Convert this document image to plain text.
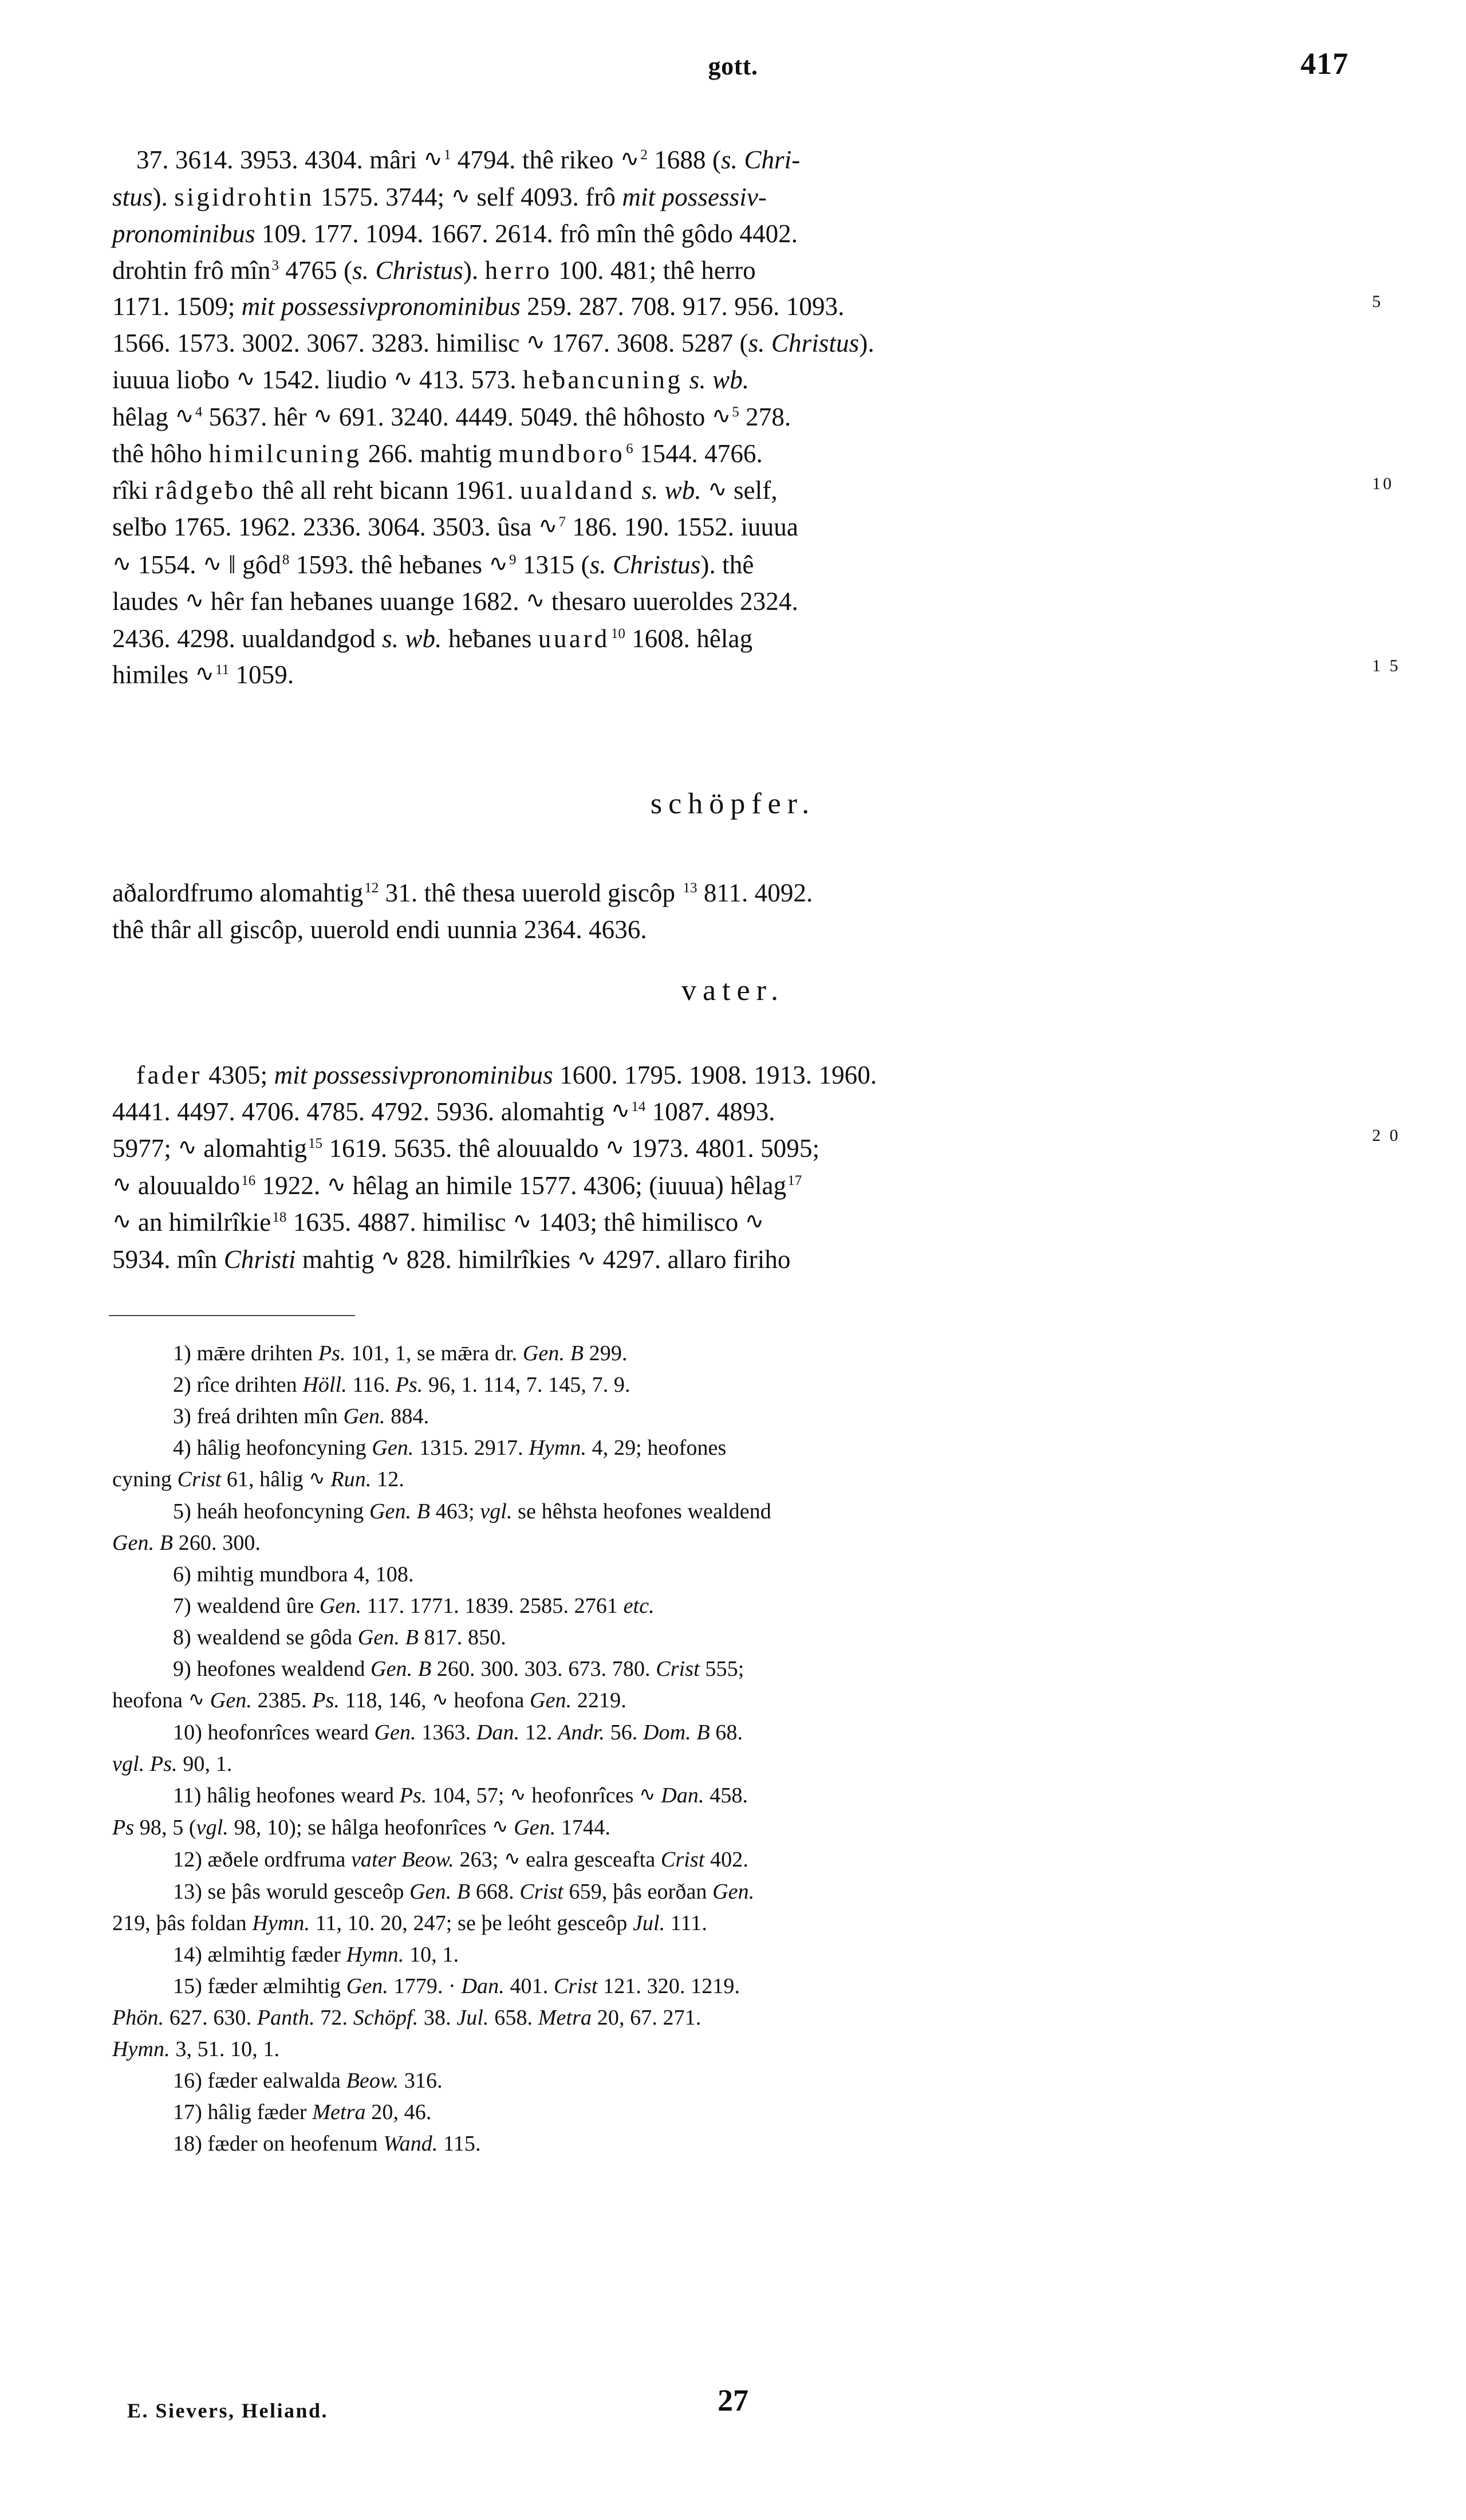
gott.	417
37. 3614. 3953. 4304. mâri ∿$^1$ 4794. thê rikeo ∿$^2$ 1688 (s. Chri-
stus). sigidrohtin 1575. 3744; ∿ self 4093. frô mit possessiv-
pronominibus 109. 177. 1094. 1667. 2614. frô mîn thê gôdo 4402.
drohtin frô mîn$^3$ 4765 (s. Christus). herro 100. 481; thê herro
1171. 1509; mit possessivpronominibus 259. 287. 708. 917. 956. 1093.
1566. 1573. 3002. 3067. 3283. himilisc ∿ 1767. 3608. 5287 (s. Christus).
iuuua lioƀo ∿ 1542. liudio ∿ 413. 573. heƀancuning s. wb.
hêlag ∿$^4$ 5637. hêr ∿ 691. 3240. 4449. 5049. thê hôhosto ∿$^5$ 278.
thê hôho himilcuning 266. mahtig mundboro$^6$ 1544. 4766.
rîki râdgeƀo thê all reht bicann 1961. uualdand s. wb. ∿ self,
selƀo 1765. 1962. 2336. 3064. 3503. ûsa ∿$^7$ 186. 190. 1552. iuuua
∿ 1554. ∿ ‖ gôd$^8$ 1593. thê heƀanes ∿$^9$ 1315 (s. Christus). thê
laudes ∿ hêr fan heƀanes uuange 1682. ∿ thesaro uueroldes 2324.
2436. 4298. uualdandgod s. wb. heƀanes uuard$^{10}$ 1608. hêlag
himiles ∿$^{11}$ 1059.
5
10
1 5
schöpfer.
aðalordfrumo alomahtig$^{12}$ 31. thê thesa uuerold giscôp $^{13}$ 811. 4092.
thê thâr all giscôp, uuerold endi uunnia 2364. 4636.
vater.
fader 4305; mit possessivpronominibus 1600. 1795. 1908. 1913. 1960.
4441. 4497. 4706. 4785. 4792. 5936. alomahtig ∿$^{14}$ 1087. 4893.
5977; ∿ alomahtig$^{15}$ 1619. 5635. thê alouualdo ∿ 1973. 4801. 5095;
∿ alouualdo$^{16}$ 1922. ∿ hêlag an himile 1577. 4306; (iuuua) hêlag$^{17}$
∿ an himilrîkie$^{18}$ 1635. 4887. himilisc ∿ 1403; thê himilisco ∿
5934. mîn Christi mahtig ∿ 828. himilrîkies ∿ 4297. allaro firiho
2 0
1) mǣre drihten Ps. 101, 1, se mǣra dr. Gen. B 299.
2) rîce drihten Höll. 116. Ps. 96, 1. 114, 7. 145, 7. 9.
3) freá drihten mîn Gen. 884.
4) hâlig heofoncyning Gen. 1315. 2917. Hymn. 4, 29; heofones
cyning Crist 61, hâlig ∿ Run. 12.
5) heáh heofoncyning Gen. B 463; vgl. se hêhsta heofones wealdend
Gen. B 260. 300.
6) mihtig mundbora 4, 108.
7) wealdend ûre Gen. 117. 1771. 1839. 2585. 2761 etc.
8) wealdend se gôda Gen. B 817. 850.
9) heofones wealdend Gen. B 260. 300. 303. 673. 780. Crist 555;
heofona ∿ Gen. 2385. Ps. 118, 146, ∿ heofona Gen. 2219.
10) heofonrîces weard Gen. 1363. Dan. 12. Andr. 56. Dom. B 68.
vgl. Ps. 90, 1.
11) hâlig heofones weard Ps. 104, 57; ∿ heofonrîces ∿ Dan. 458.
Ps 98, 5 (vgl. 98, 10); se hâlga heofonrîces ∿ Gen. 1744.
12) æðele ordfruma vater Beow. 263; ∿ ealra gesceafta Crist 402.
13) se þâs woruld gesceôp Gen. B 668. Crist 659, þâs eorðan Gen.
219, þâs foldan Hymn. 11, 10. 20, 247; se þe leóht gesceôp Jul. 111.
14) ælmihtig fæder Hymn. 10, 1.
15) fæder ælmihtig Gen. 1779. · Dan. 401. Crist 121. 320. 1219.
Phön. 627. 630. Panth. 72. Schöpf. 38. Jul. 658. Metra 20, 67. 271.
Hymn. 3, 51. 10, 1.
16) fæder ealwalda Beow. 316.
17) hâlig fæder Metra 20, 46.
18) fæder on heofenum Wand. 115.
E. Sievers, Heliand.	27
